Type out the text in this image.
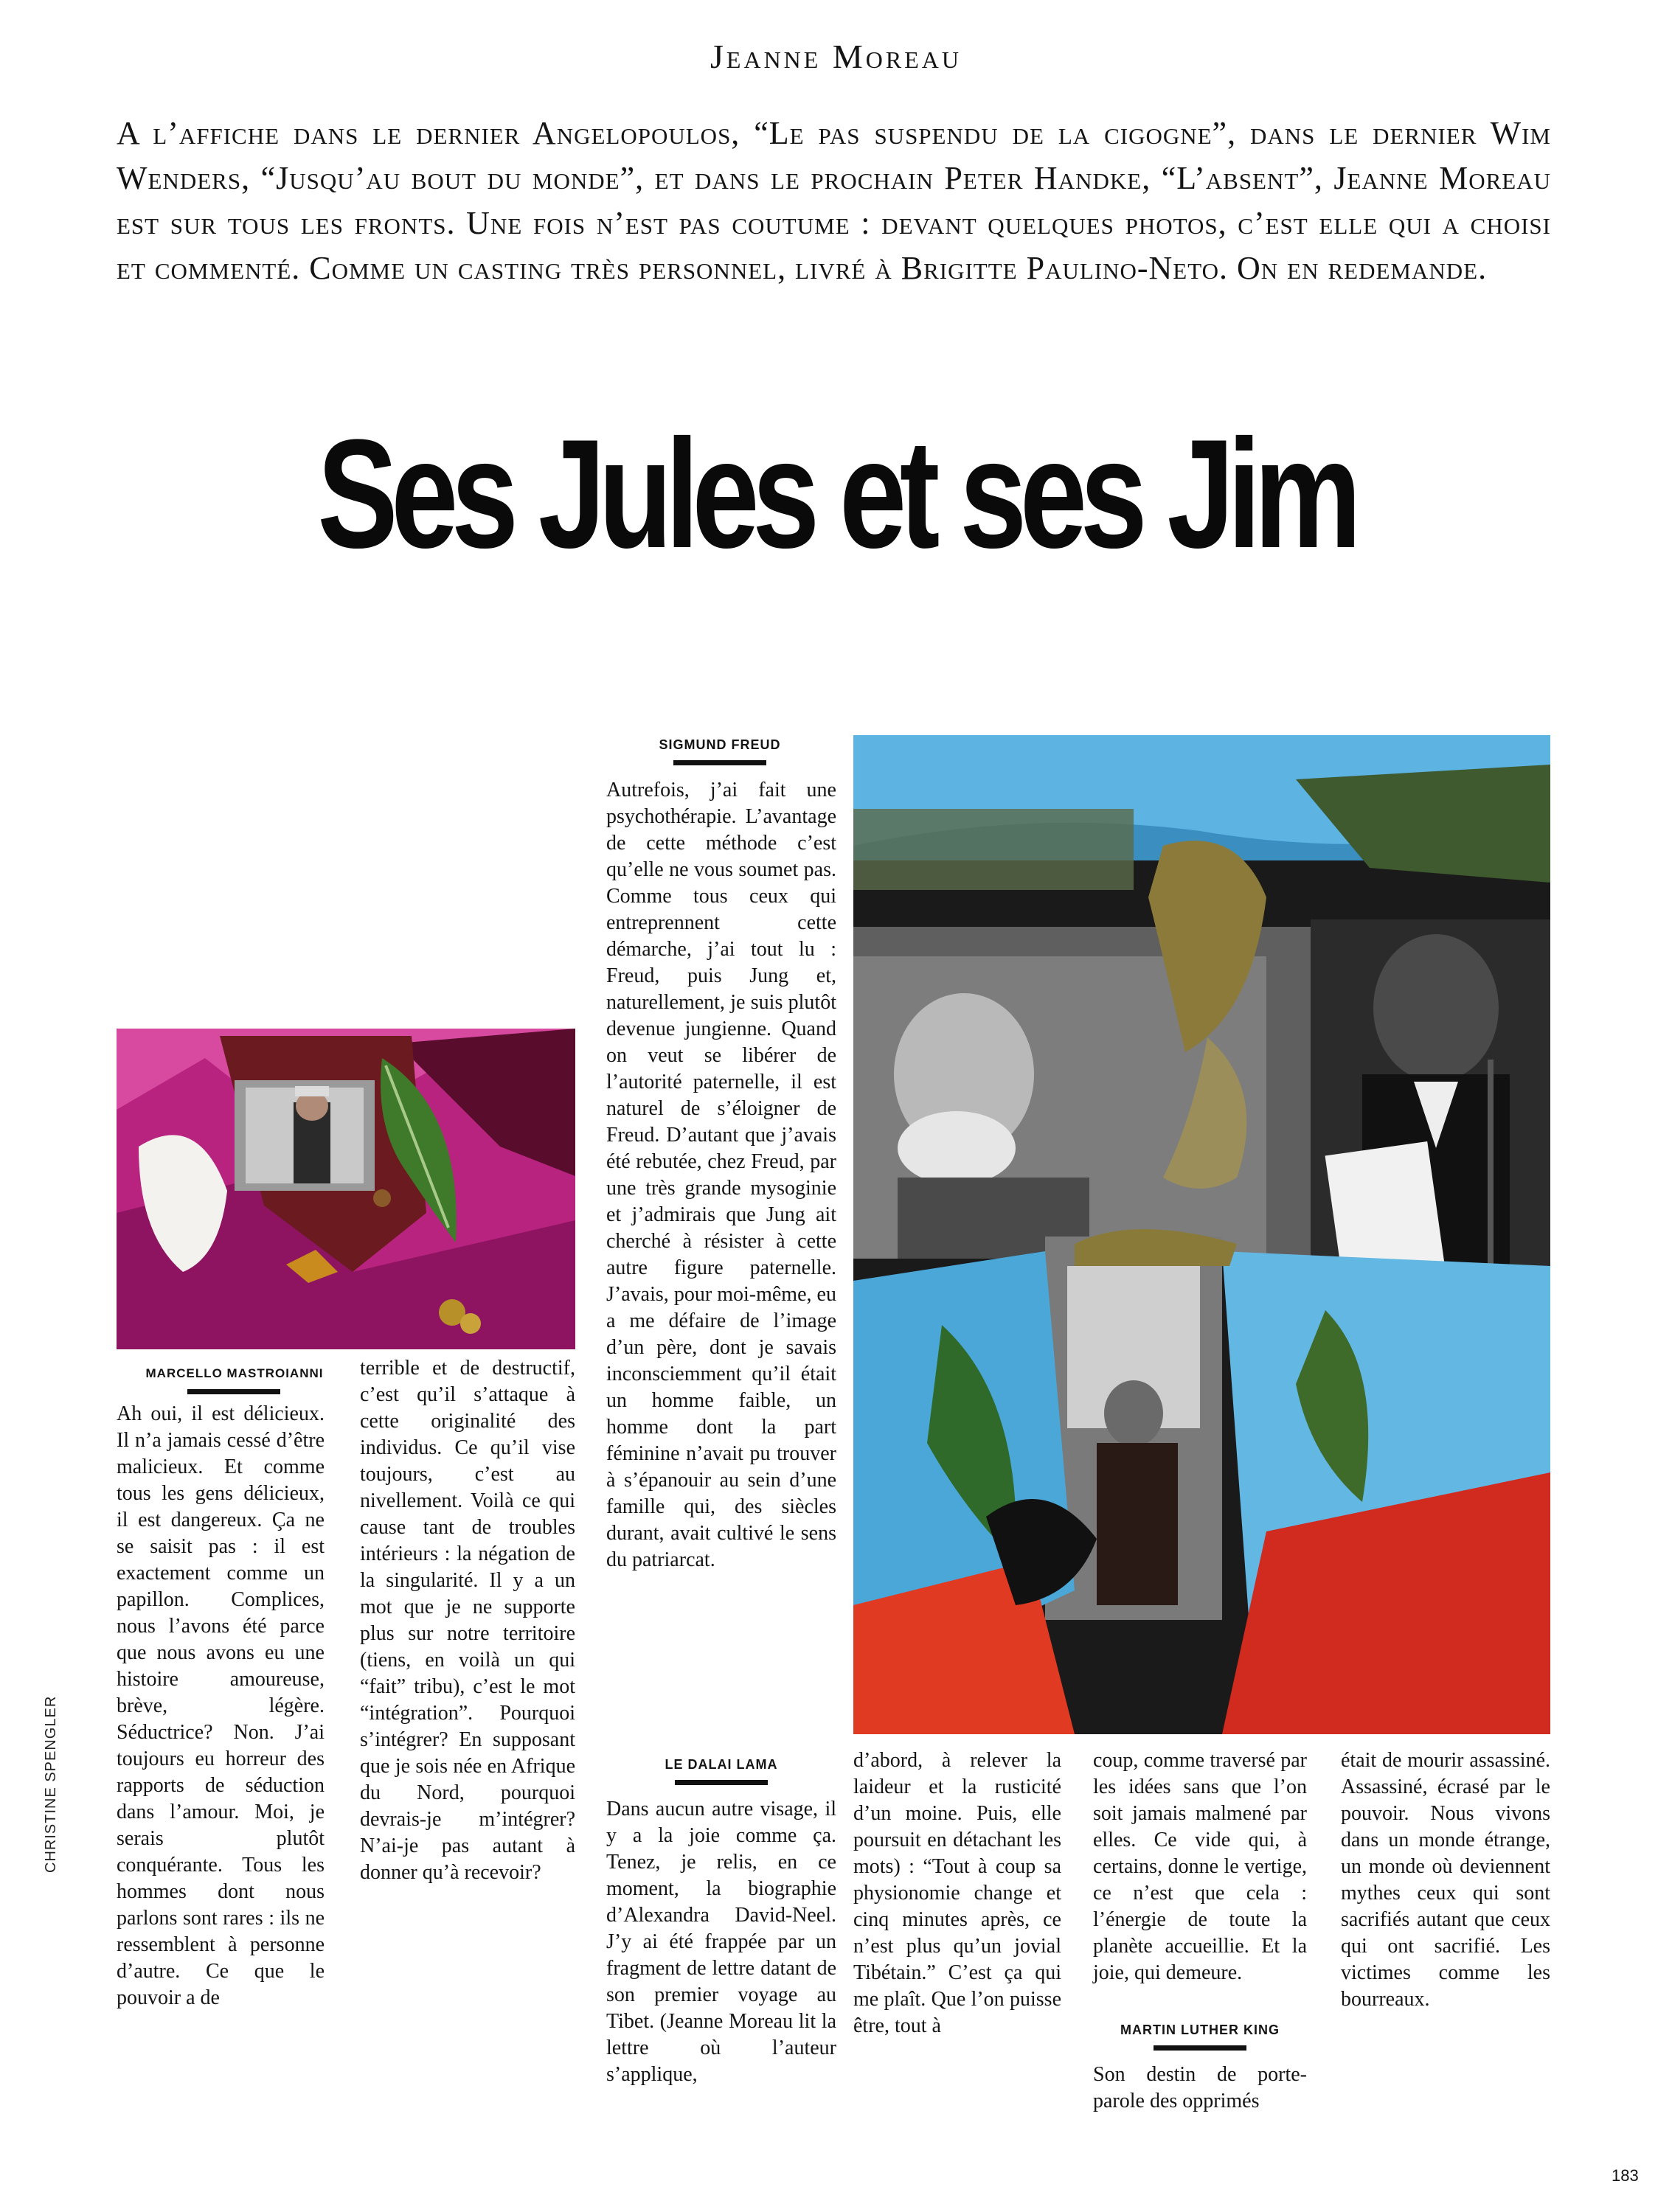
Jeanne Moreau
A l’affiche dans le dernier Angelopoulos, “Le pas suspendu de la cigogne”, dans le dernier Wim Wenders, “Jusqu’au bout du monde”, et dans le prochain Peter Handke, “L’absent”, Jeanne Moreau est sur tous les fronts. Une fois n’est pas coutume : devant quelques photos, c’est elle qui a choisi et commenté. Comme un casting très personnel, livré à Brigitte Paulino-Neto. On en redemande.
Ses Jules et ses Jim
SIGMUND FREUD
Autrefois, j’ai fait une psychothérapie. L’avantage de cette méthode c’est qu’elle ne vous soumet pas. Comme tous ceux qui entreprennent cette démarche, j’ai tout lu : Freud, puis Jung et, naturellement, je suis plutôt devenue jungienne. Quand on veut se libérer de l’autorité paternelle, il est naturel de s’éloigner de Freud. D’autant que j’avais été rebutée, chez Freud, par une très grande mysoginie et j’admirais que Jung ait cherché à résister à cette autre figure paternelle. J’avais, pour moi-même, eu a me défaire de l’image d’un père, dont je savais inconsciemment qu’il était un homme faible, un homme dont la part féminine n’avait pu trouver à s’épanouir au sein d’une famille qui, des siècles durant, avait cultivé le sens du patriarcat.
MARCELLO MASTROIANNI
Ah oui, il est délicieux. Il n’a jamais cessé d’être malicieux. Et comme tous les gens délicieux, il est dangereux. Ça ne se saisit pas : il est exactement comme un papillon. Complices, nous l’avons été parce que nous avons eu une histoire amoureuse, brève, légère. Séductrice? Non. J’ai toujours eu horreur des rapports de séduction dans l’amour. Moi, je serais plutôt conquérante. Tous les hommes dont nous parlons sont rares : ils ne ressemblent à personne d’autre. Ce que le pouvoir a de
terrible et de destructif, c’est qu’il s’attaque à cette originalité des individus. Ce qu’il vise toujours, c’est au nivellement. Voilà ce qui cause tant de troubles intérieurs : la négation de la singularité. Il y a un mot que je ne supporte plus sur notre territoire (tiens, en voilà un qui “fait” tribu), c’est le mot “intégration”. Pourquoi s’intégrer? En supposant que je sois née en Afrique du Nord, pourquoi devrais-je m’intégrer? N’ai-je pas autant à donner qu’à recevoir?
LE DALAI LAMA
Dans aucun autre visage, il y a la joie comme ça. Tenez, je relis, en ce moment, la biographie d’Alexandra David-Neel. J’y ai été frappée par un fragment de lettre datant de son premier voyage au Tibet. (Jeanne Moreau lit la lettre où l’auteur s’applique,
d’abord, à relever la laideur et la rusticité d’un moine. Puis, elle poursuit en détachant les mots) : “Tout à coup sa physionomie change et cinq minutes après, ce n’est plus qu’un jovial Tibétain.” C’est ça qui me plaît. Que l’on puisse être, tout à
coup, comme traversé par les idées sans que l’on soit jamais malmené par elles. Ce vide qui, à certains, donne le vertige, ce n’est que cela : l’énergie de toute la planète accueillie. Et la joie, qui demeure.
MARTIN LUTHER KING
Son destin de porte-parole des opprimés
était de mourir assassiné. Assassiné, écrasé par le pouvoir. Nous vivons dans un monde étrange, un monde où deviennent mythes ceux qui sont sacrifiés autant que ceux qui ont sacrifié. Les victimes comme les bourreaux.
CHRISTINE SPENGLER
183
